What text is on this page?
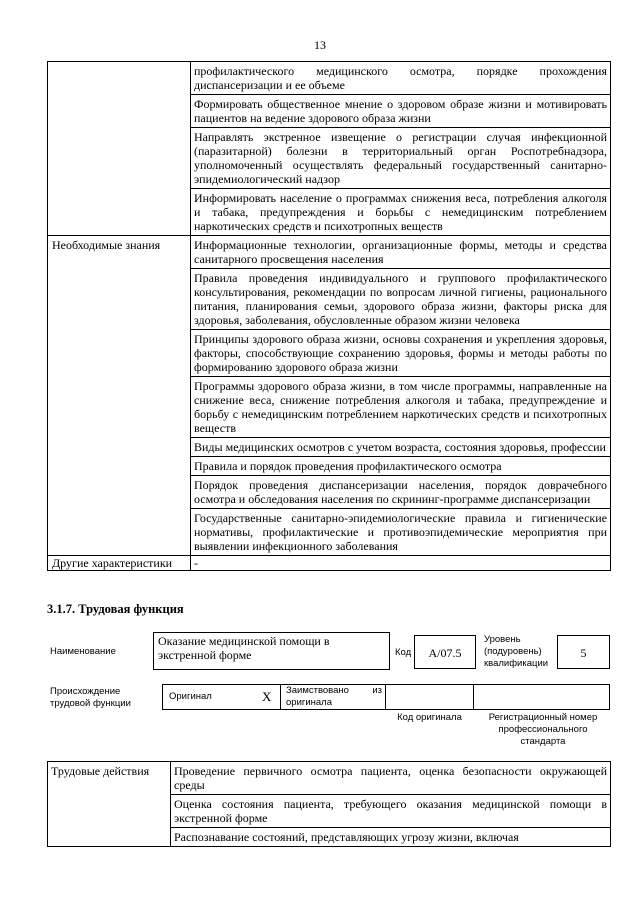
13
	профилактического медицинского осмотра, порядке прохождения диспансеризации и ее объеме
	Формировать общественное мнение о здоровом образе жизни и мотивировать пациентов на ведение здорового образа жизни
	Направлять экстренное извещение о регистрации случая инфекционной (паразитарной) болезни в территориальный орган Роспотребнадзора, уполномоченный осуществлять федеральный государственный санитарно-эпидемиологический надзор
	Информировать население о программах снижения веса, потребления алкоголя и табака, предупреждения и борьбы с немедицинским потреблением наркотических средств и психотропных веществ
Необходимые знания	Информационные технологии, организационные формы, методы и средства санитарного просвещения населения
	Правила проведения индивидуального и группового профилактического консультирования, рекомендации по вопросам личной гигиены, рационального питания, планирования семьи, здорового образа жизни, факторы риска для здоровья, заболевания, обусловленные образом жизни человека
	Принципы здорового образа жизни, основы сохранения и укрепления здоровья, факторы, способствующие сохранению здоровья, формы и методы работы по формированию здорового образа жизни
	Программы здорового образа жизни, в том числе программы, направленные на снижение веса, снижение потребления алкоголя и табака, предупреждение и борьбу с немедицинским потреблением наркотических средств и психотропных веществ
	Виды медицинских осмотров с учетом возраста, состояния здоровья, профессии
	Правила и порядок проведения профилактического осмотра
	Порядок проведения диспансеризации населения, порядок доврачебного осмотра и обследования населения по скрининг-программе диспансеризации
	Государственные санитарно-эпидемиологические правила и гигиенические нормативы, профилактические и противоэпидемические мероприятия при выявлении инфекционного заболевания
Другие характеристики	-
3.1.7. Трудовая функция
Наименование
Оказание медицинской помощи в экстренной форме	Код	A/07.5
Уровень (подуровень) квалификации
5
Происхождение трудовой функции
Оригинал	X Заимствовано из оригинала
Код оригинала	Регистрационный номер профессионального стандарта
Трудовые действия	Проведение первичного осмотра пациента, оценка безопасности окружающей среды
Оценка состояния пациента, требующего оказания медицинской помощи в экстренной форме
Распознавание состояний, представляющих угрозу жизни, включая
